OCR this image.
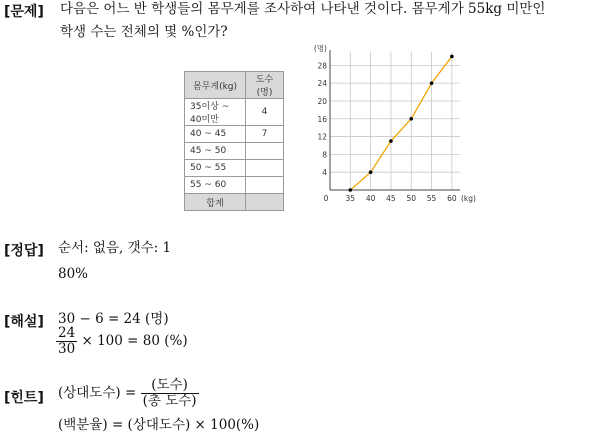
[문제] 다음은 어느 반 학생들의 몸무게를 조사하여 나타낸 것이다. 몸무게가 55kg 미만인
학생 수는 전체의 몇 %인가?
몸무게(kg)	도수(명)
35이상 ~ 40미만	4
40 ~ 45	7
45 ~ 50	
50 ~ 55	
55 ~ 60	
합계	
4
8
12
16
20
24
28
0 35 40 45 50 55 60 (kg)
(명)
[정답] 순서: 없음, 갯수: 1
80%
[해설] 30 − 6 = 24 (명)
$\frac{24}{30} \times 100 = 80$ (%)
[힌트] (상대도수) = $\frac{\text{(도수)}}{\text{(총 도수)}}$
(백분율) = (상대도수) × 100(%)
